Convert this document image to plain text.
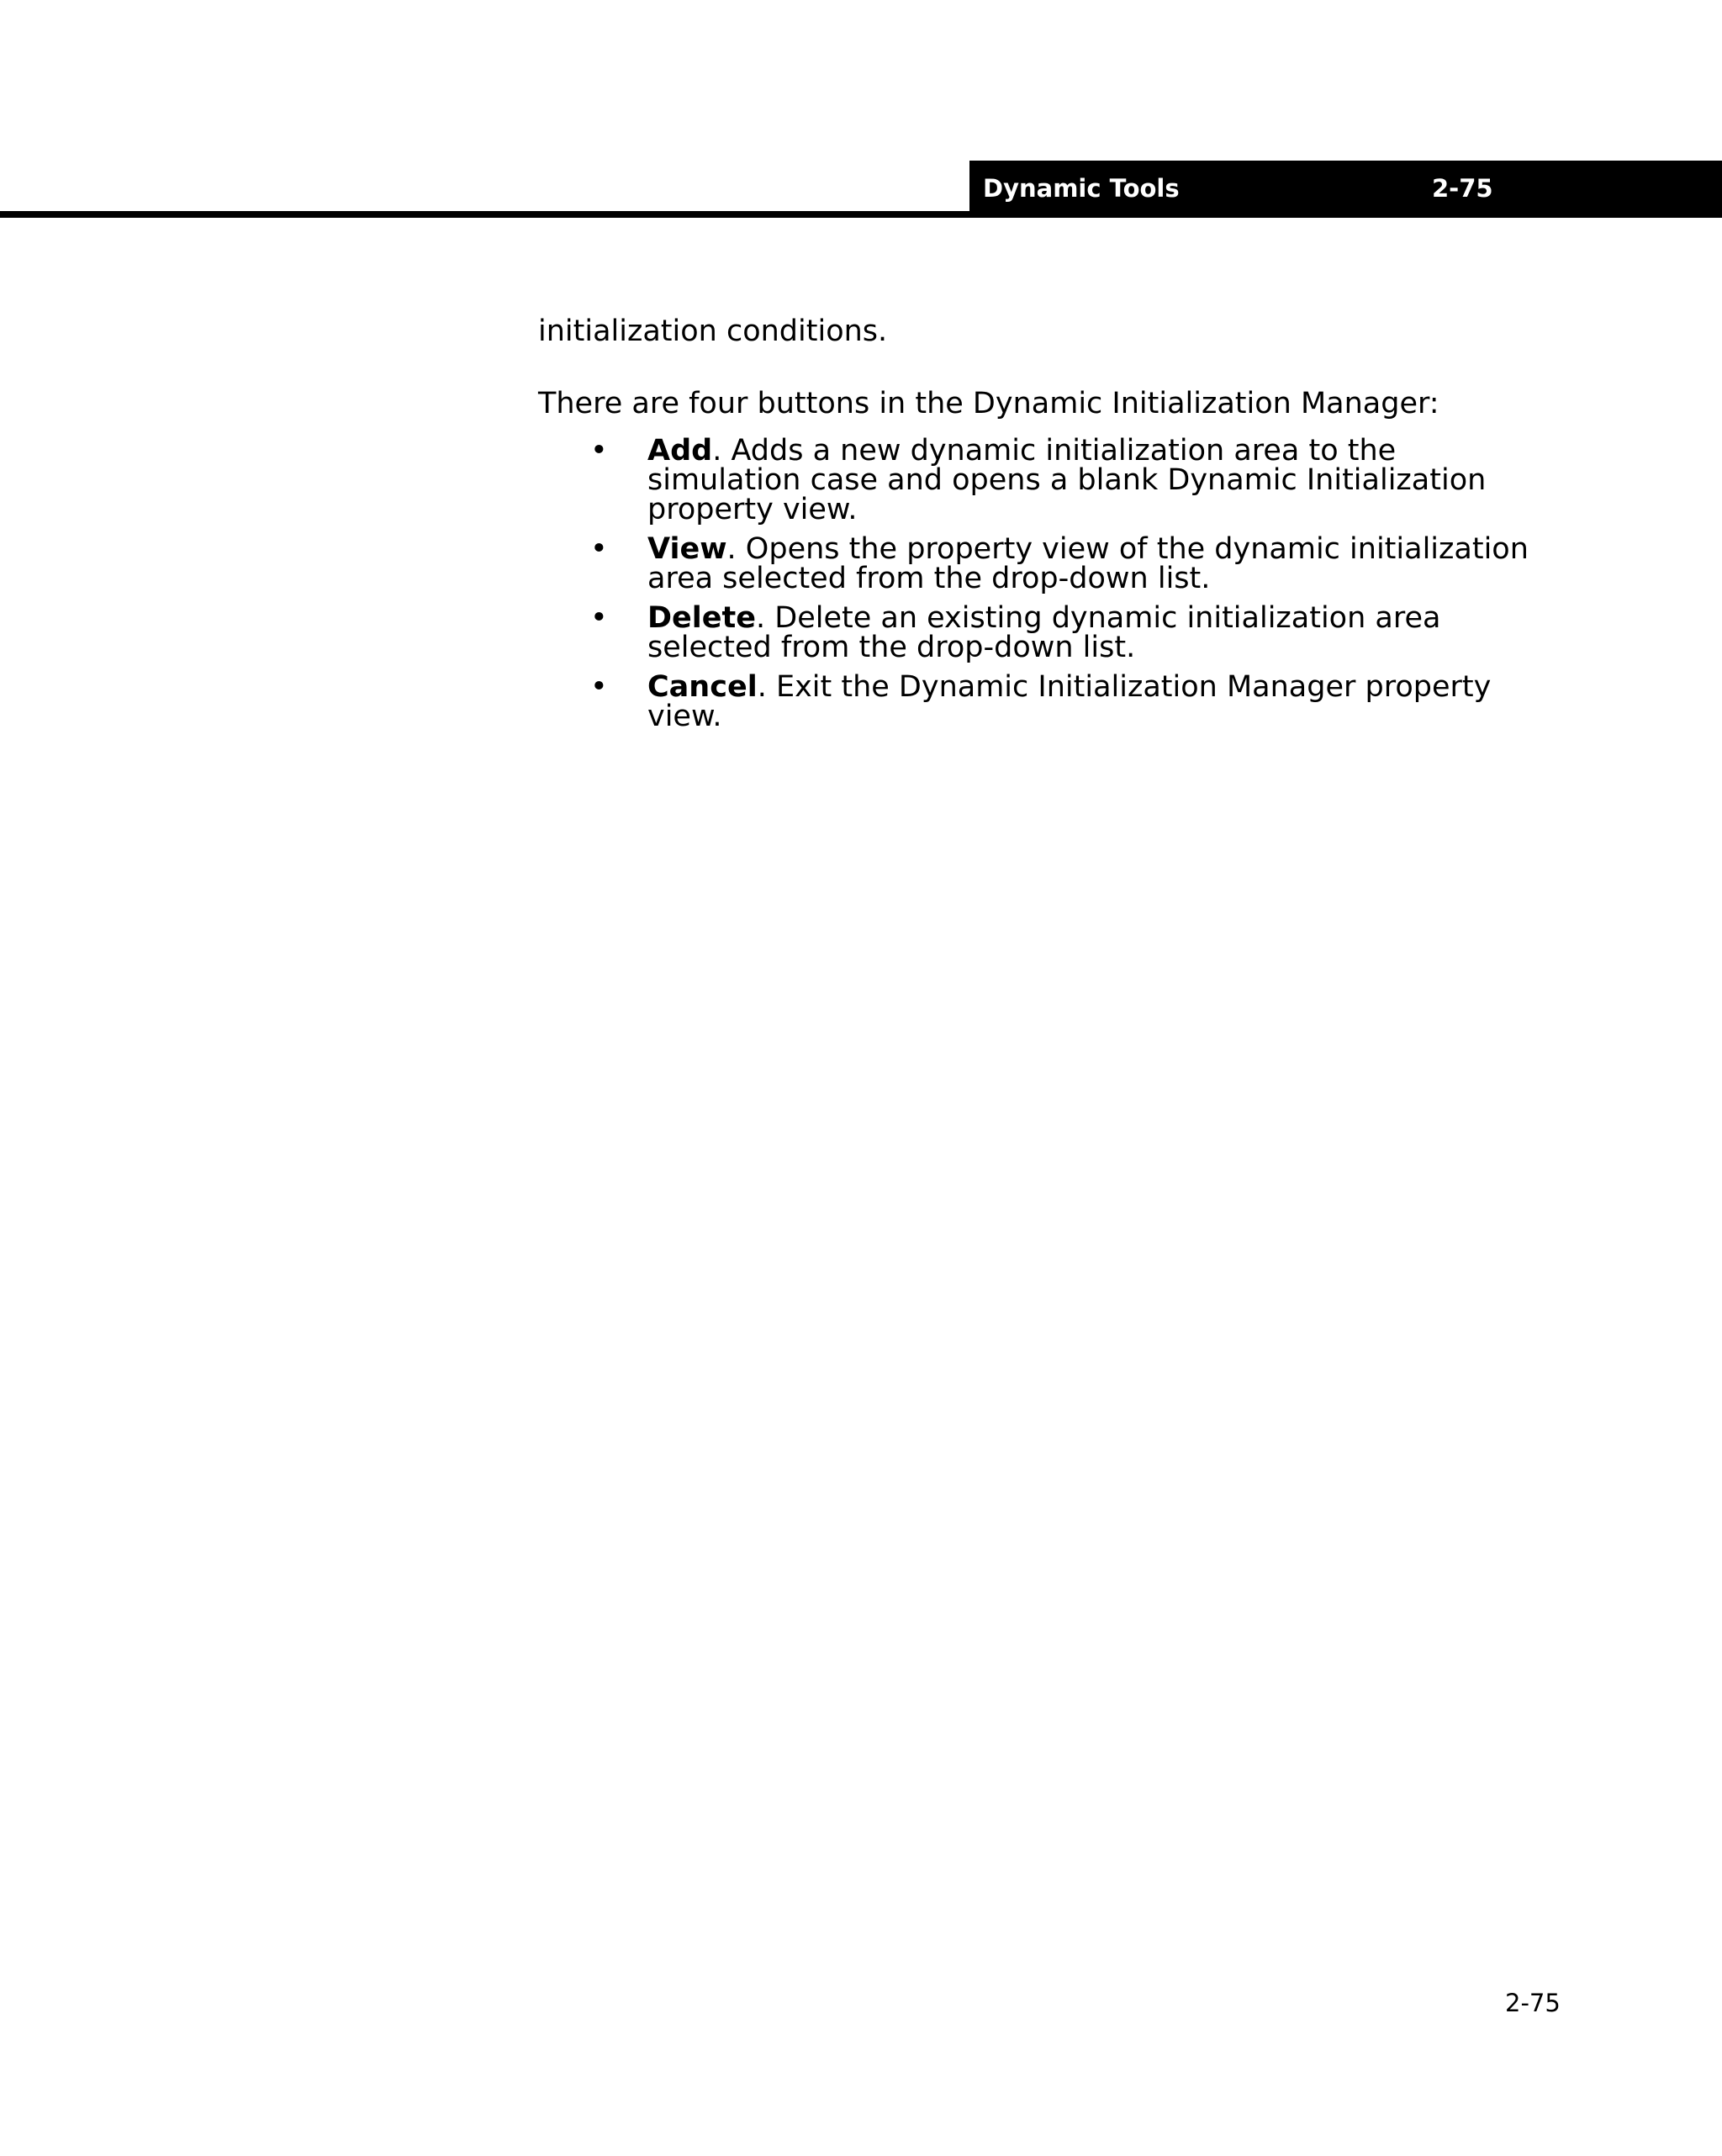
Dynamic Tools	2-75

initialization conditions.

There are four buttons in the Dynamic Initialization Manager:

• Add. Adds a new dynamic initialization area to the simulation case and opens a blank Dynamic Initialization property view.
• View. Opens the property view of the dynamic initialization area selected from the drop-down list.
• Delete. Delete an existing dynamic initialization area selected from the drop-down list.
• Cancel. Exit the Dynamic Initialization Manager property view.
2-75
